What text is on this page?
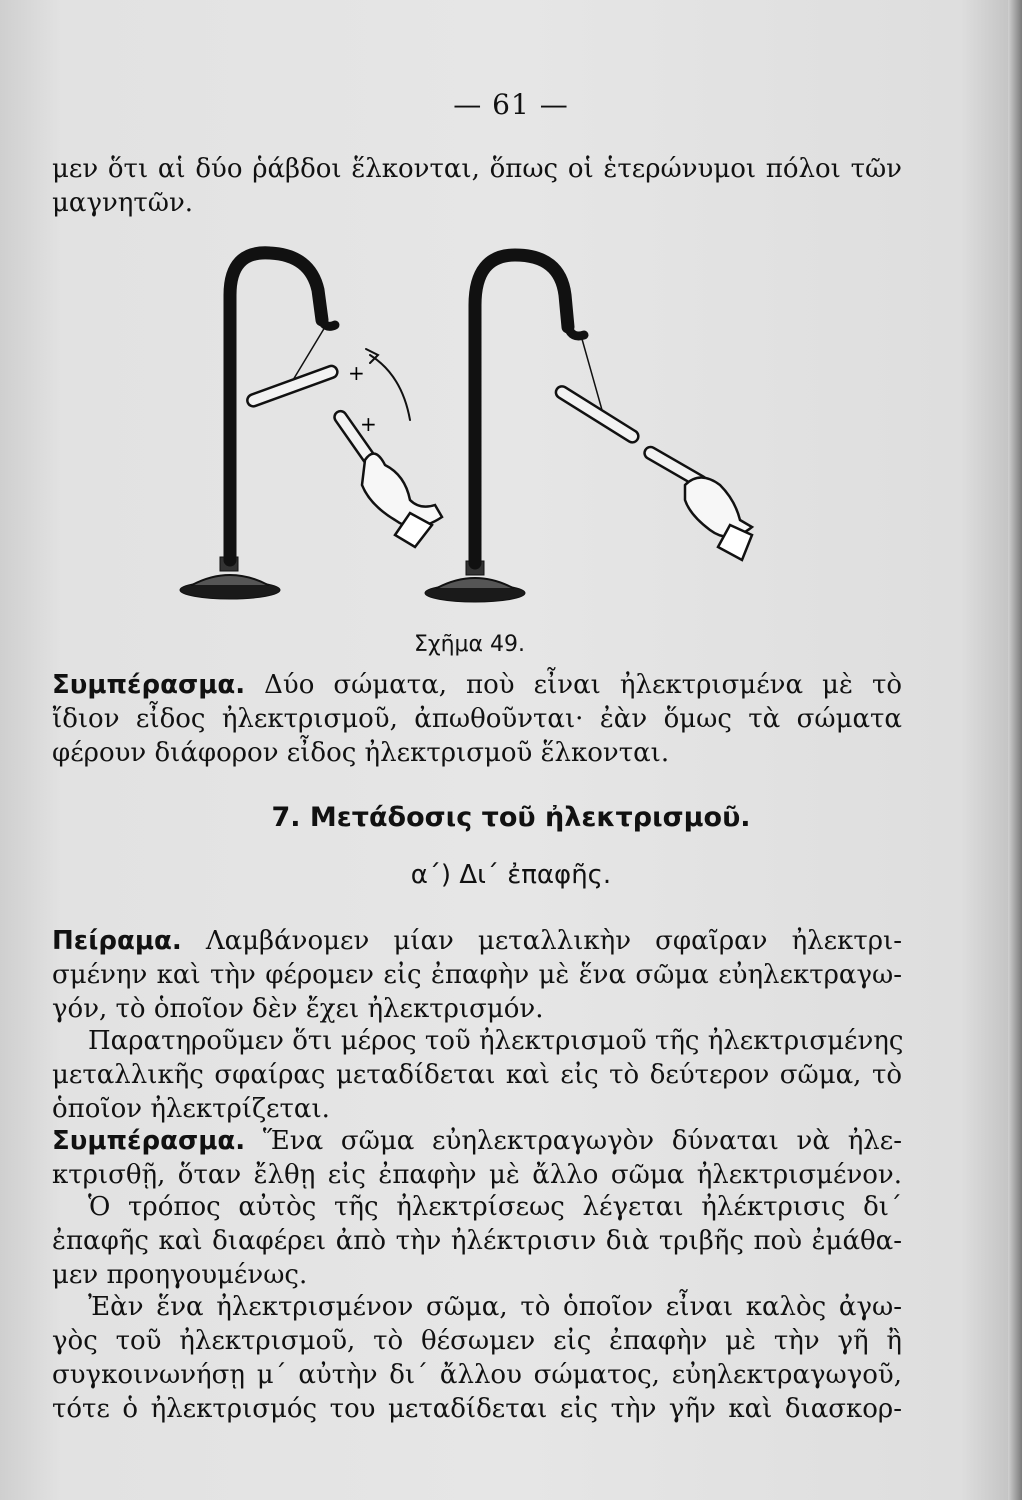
— 61 —
μεν ὅτι αἱ δύο ῥάβδοι ἕλκονται, ὅπως οἱ ἑτερώνυμοι πόλοι τῶν
μαγνητῶν.
+
+
Σχῆμα 49.
Συμπέρασμα. Δύο σώματα, ποὺ εἶναι ἠλεκτρισμένα μὲ τὸ
ἴδιον εἶδος ἠλεκτρισμοῦ, ἀπωθοῦνται· ἐὰν ὅμως τὰ σώματα
φέρουν διάφορον εἶδος ἠλεκτρισμοῦ ἕλκονται.
7. Μετάδοσις τοῦ ἠλεκτρισμοῦ.
α΄) Δι΄ ἐπαφῆς.
Πείραμα. Λαμβάνομεν μίαν μεταλλικὴν σφαῖραν ἠλεκτρι-
σμένην καὶ τὴν φέρομεν εἰς ἐπαφὴν μὲ ἕνα σῶμα εὐηλεκτραγω-
γόν, τὸ ὁποῖον δὲν ἔχει ἠλεκτρισμόν.
Παρατηροῦμεν ὅτι μέρος τοῦ ἠλεκτρισμοῦ τῆς ἠλεκτρισμένης
μεταλλικῆς σφαίρας μεταδίδεται καὶ εἰς τὸ δεύτερον σῶμα, τὸ
ὁποῖον ἠλεκτρίζεται.
Συμπέρασμα. Ἕνα σῶμα εὐηλεκτραγωγὸν δύναται νὰ ἠλε-
κτρισθῇ, ὅταν ἔλθῃ εἰς ἐπαφὴν μὲ ἄλλο σῶμα ἠλεκτρισμένον.
Ὁ τρόπος αὐτὸς τῆς ἠλεκτρίσεως λέγεται ἠλέκτρισις δι΄
ἐπαφῆς καὶ διαφέρει ἀπὸ τὴν ἠλέκτρισιν διὰ τριβῆς ποὺ ἐμάθα-
μεν προηγουμένως.
Ἐὰν ἕνα ἠλεκτρισμένον σῶμα, τὸ ὁποῖον εἶναι καλὸς ἀγω-
γὸς τοῦ ἠλεκτρισμοῦ, τὸ θέσωμεν εἰς ἐπαφὴν μὲ τὴν γῆ ἢ
συγκοινωνήσῃ μ΄ αὐτὴν δι΄ ἄλλου σώματος, εὐηλεκτραγωγοῦ,
τότε ὁ ἠλεκτρισμός του μεταδίδεται εἰς τὴν γῆν καὶ διασκορ-
